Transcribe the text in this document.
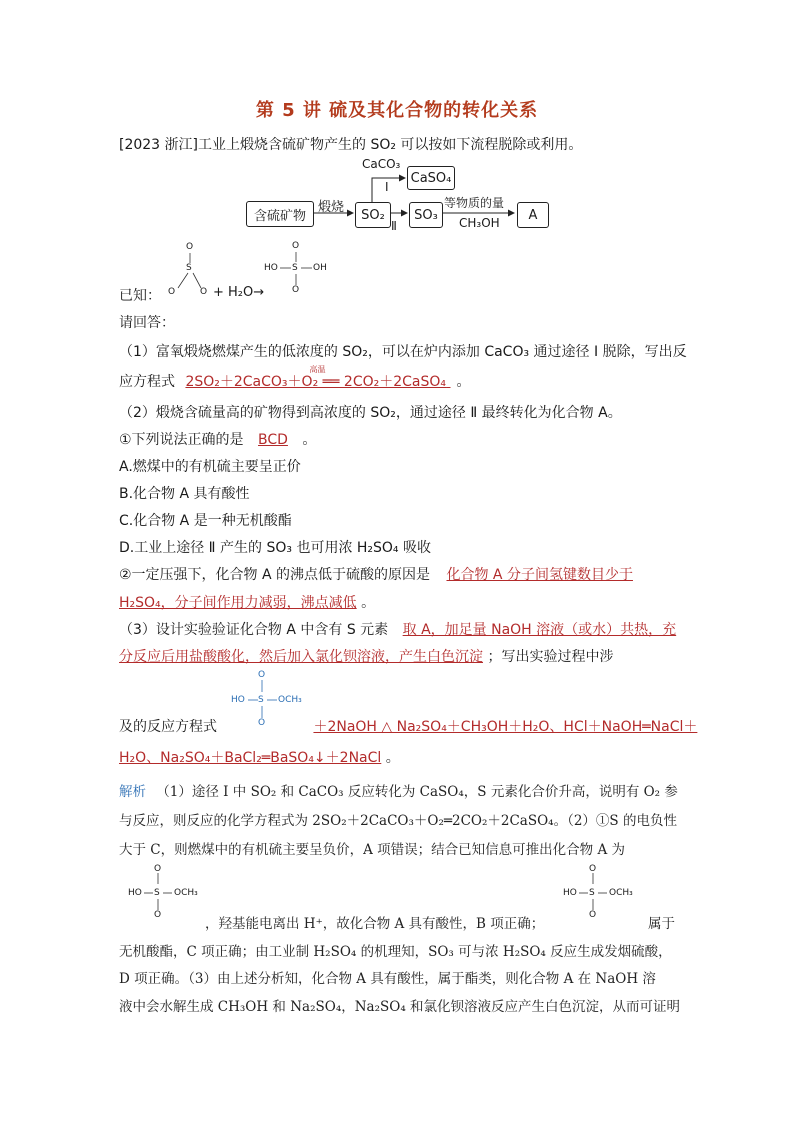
第 5 讲 硫及其化合物的转化关系
[2023 浙江]工业上煅烧含硫矿物产生的 SO₂ 可以按如下流程脱除或利用。
含硫矿物
煅烧	SO₂
CaCO₃
Ⅰ
CaSO₄
Ⅱ
SO₃
等物质的量
CH₃OH
A
O
S
O	O
已知：	+ H₂O→
O
S
O
HO	OH
请回答：
（1）富氧煅烧燃煤产生的低浓度的 SO₂，可以在炉内添加 CaCO₃ 通过途径 Ⅰ 脱除，写出反
应方程式
高温
2SO₂＋2CaCO₃＋O₂ ══ 2CO₂＋2CaSO₄ 。
（2）煅烧含硫量高的矿物得到高浓度的 SO₂，通过途径 Ⅱ 最终转化为化合物 A。
①下列说法正确的是 BCD 。
A.燃煤中的有机硫主要呈正价
B.化合物 A 具有酸性
C.化合物 A 是一种无机酸酯
D.工业上途径 Ⅱ 产生的 SO₃ 也可用浓 H₂SO₄ 吸收
②一定压强下，化合物 A 的沸点低于硫酸的原因是 化合物 A 分子间氢键数目少于
H₂SO₄，分子间作用力减弱，沸点减低 。
（3）设计实验验证化合物 A 中含有 S 元素 取 A，加足量 NaOH 溶液（或水）共热，充
分反应后用盐酸酸化，然后加入氯化钡溶液，产生白色沉淀 ；写出实验过程中涉
O
S
O
HO	OCH₃
及的反应方程式	＋2NaOH △ Na₂SO₄＋CH₃OH＋H₂O、HCl＋NaOH═NaCl＋
H₂O、Na₂SO₄＋BaCl₂═BaSO₄↓＋2NaCl 。
解析 （1）途径 Ⅰ 中 SO₂ 和 CaCO₃ 反应转化为 CaSO₄，S 元素化合价升高，说明有 O₂ 参
与反应，则反应的化学方程式为 2SO₂＋2CaCO₃＋O₂═2CO₂＋2CaSO₄。（2）①S 的电负性
大于 C，则燃煤中的有机硫主要呈负价，A 项错误；结合已知信息可推出化合物 A 为
O
S
O
HO	OCH₃
O
S
O
HO	OCH₃
，羟基能电离出 H⁺，故化合物 A 具有酸性，B 项正确；	属于
无机酸酯，C 项正确；由工业制 H₂SO₄ 的机理知，SO₃ 可与浓 H₂SO₄ 反应生成发烟硫酸，
D 项正确。（3）由上述分析知，化合物 A 具有酸性，属于酯类，则化合物 A 在 NaOH 溶
液中会水解生成 CH₃OH 和 Na₂SO₄，Na₂SO₄ 和氯化钡溶液反应产生白色沉淀，从而可证明
